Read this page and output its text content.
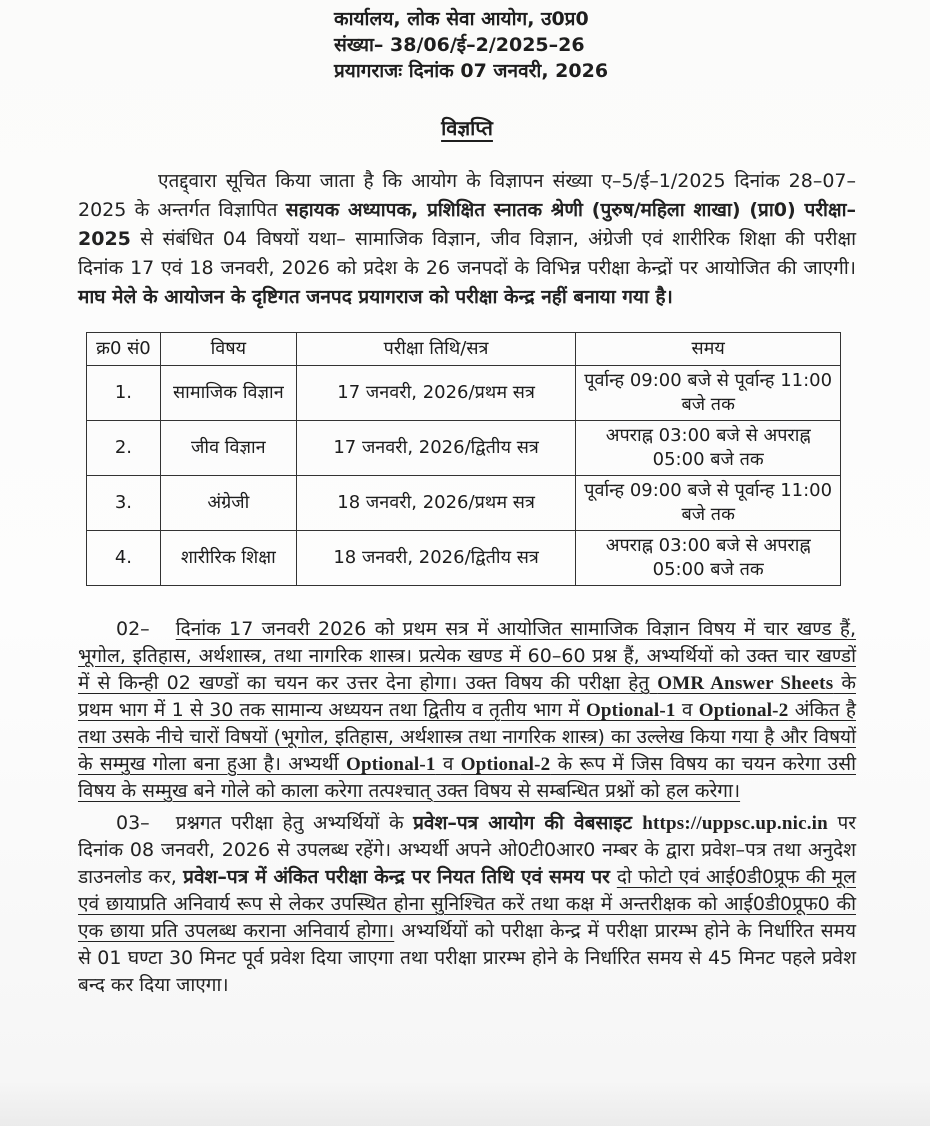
कार्यालय, लोक सेवा आयोग, उ0प्र0
संख्या– 38/06/ई–2/2025–26
प्रयागराजः दिनांक 07 जनवरी, 2026
विज्ञप्ति

एतद्द्वारा सूचित किया जाता है कि आयोग के विज्ञापन संख्या ए–5/ई–1/2025 दिनांक 28–07–2025 के अन्तर्गत विज्ञापित सहायक अध्यापक, प्रशिक्षित स्नातक श्रेणी (पुरुष/महिला शाखा) (प्रा0) परीक्षा–2025 से संबंधित 04 विषयों यथा– सामाजिक विज्ञान, जीव विज्ञान, अंग्रेजी एवं शारीरिक शिक्षा की परीक्षा दिनांक 17 एवं 18 जनवरी, 2026 को प्रदेश के 26 जनपदों के विभिन्न परीक्षा केन्द्रों पर आयोजित की जाएगी। माघ मेले के आयोजन के दृष्टिगत जनपद प्रयागराज को परीक्षा केन्द्र नहीं बनाया गया है।

क्र0 सं0	विषय	परीक्षा तिथि/सत्र	समय
1.	सामाजिक विज्ञान	17 जनवरी, 2026/प्रथम सत्र	पूर्वान्ह 09:00 बजे से पूर्वान्ह 11:00 बजे तक
2.	जीव विज्ञान	17 जनवरी, 2026/द्वितीय सत्र	अपराह्न 03:00 बजे से अपराह्न 05:00 बजे तक
3.	अंग्रेजी	18 जनवरी, 2026/प्रथम सत्र	पूर्वान्ह 09:00 बजे से पूर्वान्ह 11:00 बजे तक
4.	शारीरिक शिक्षा	18 जनवरी, 2026/द्वितीय सत्र	अपराह्न 03:00 बजे से अपराह्न 05:00 बजे तक

02– दिनांक 17 जनवरी 2026 को प्रथम सत्र में आयोजित सामाजिक विज्ञान विषय में चार खण्ड हैं, भूगोल, इतिहास, अर्थशास्त्र, तथा नागरिक शास्त्र। प्रत्येक खण्ड में 60–60 प्रश्न हैं, अभ्यर्थियों को उक्त चार खण्डों में से किन्ही 02 खण्डों का चयन कर उत्तर देना होगा। उक्त विषय की परीक्षा हेतु OMR Answer Sheets के प्रथम भाग में 1 से 30 तक सामान्य अध्ययन तथा द्वितीय व तृतीय भाग में Optional-1 व Optional-2 अंकित है तथा उसके नीचे चारों विषयों (भूगोल, इतिहास, अर्थशास्त्र तथा नागरिक शास्त्र) का उल्लेख किया गया है और विषयों के सम्मुख गोला बना हुआ है। अभ्यर्थी Optional-1 व Optional-2 के रूप में जिस विषय का चयन करेगा उसी विषय के सम्मुख बने गोले को काला करेगा तत्पश्चात् उक्त विषय से सम्बन्धित प्रश्नों को हल करेगा।

03– प्रश्नगत परीक्षा हेतु अभ्यर्थियों के प्रवेश–पत्र आयोग की वेबसाइट https://uppsc.up.nic.in पर दिनांक 08 जनवरी, 2026 से उपलब्ध रहेंगे। अभ्यर्थी अपने ओ0टी0आर0 नम्बर के द्वारा प्रवेश–पत्र तथा अनुदेश डाउनलोड कर, प्रवेश–पत्र में अंकित परीक्षा केन्द्र पर नियत तिथि एवं समय पर दो फोटो एवं आई0डी0प्रूफ की मूल एवं छायाप्रति अनिवार्य रूप से लेकर उपस्थित होना सुनिश्चित करें तथा कक्ष में अन्तरीक्षक को आई0डी0प्रूफ0 की एक छाया प्रति उपलब्ध कराना अनिवार्य होगा। अभ्यर्थियों को परीक्षा केन्द्र में परीक्षा प्रारम्भ होने के निर्धारित समय से 01 घण्टा 30 मिनट पूर्व प्रवेश दिया जाएगा तथा परीक्षा प्रारम्भ होने के निर्धारित समय से 45 मिनट पहले प्रवेश बन्द कर दिया जाएगा।
